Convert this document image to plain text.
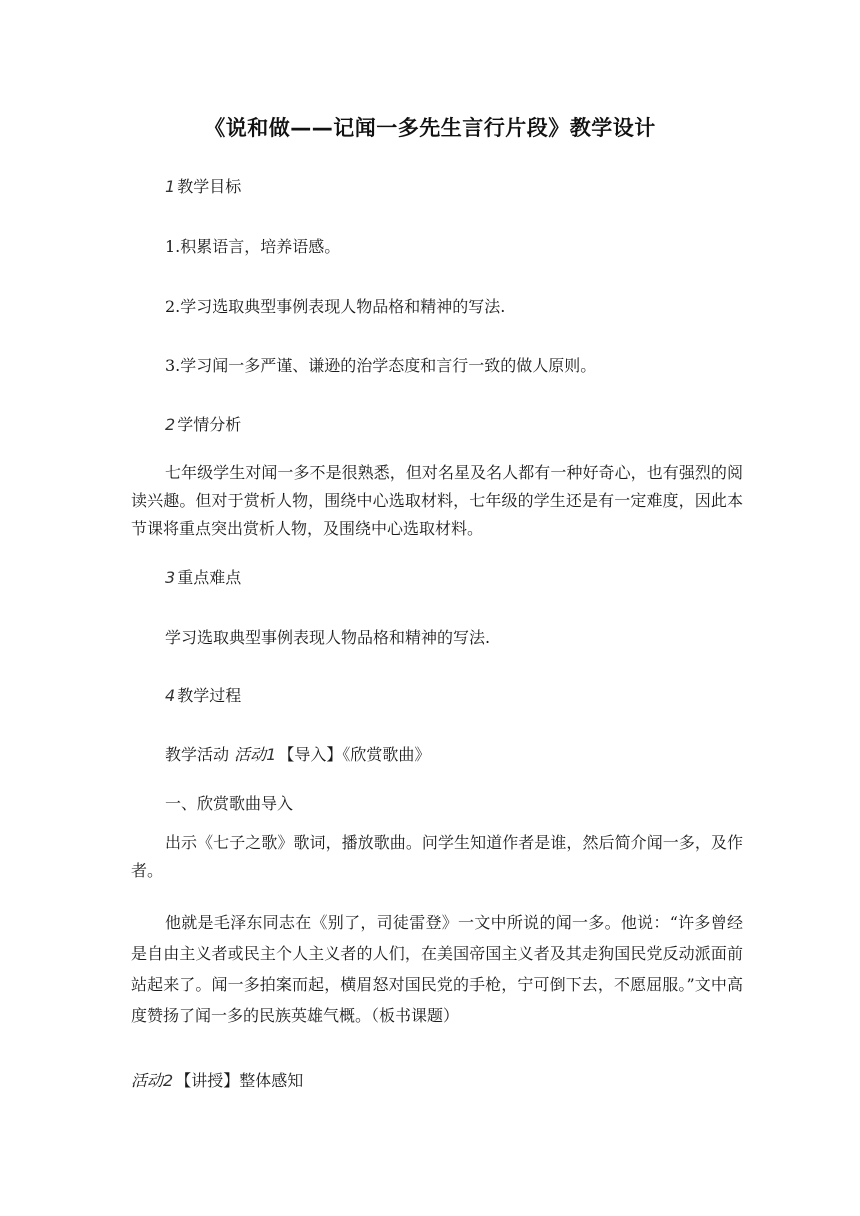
《说和做——记闻一多先生言行片段》教学设计
1 教学目标
1.积累语言，培养语感。
2.学习选取典型事例表现人物品格和精神的写法.
3.学习闻一多严谨、谦逊的治学态度和言行一致的做人原则。
2 学情分析
七年级学生对闻一多不是很熟悉，但对名星及名人都有一种好奇心，也有强烈的阅读兴趣。但对于赏析人物，围绕中心选取材料，七年级的学生还是有一定难度，因此本节课将重点突出赏析人物，及围绕中心选取材料。
3 重点难点
学习选取典型事例表现人物品格和精神的写法.
4 教学过程
教学活动 活动1 【导入】《欣赏歌曲》
一、欣赏歌曲导入
出示《七子之歌》歌词，播放歌曲。问学生知道作者是谁，然后简介闻一多，及作者。
他就是毛泽东同志在《别了，司徒雷登》一文中所说的闻一多。他说：“许多曾经是自由主义者或民主个人主义者的人们，在美国帝国主义者及其走狗国民党反动派面前站起来了。闻一多拍案而起，横眉怒对国民党的手枪，宁可倒下去，不愿屈服。”文中高度赞扬了闻一多的民族英雄气概。（板书课题）
活动2 【讲授】整体感知
